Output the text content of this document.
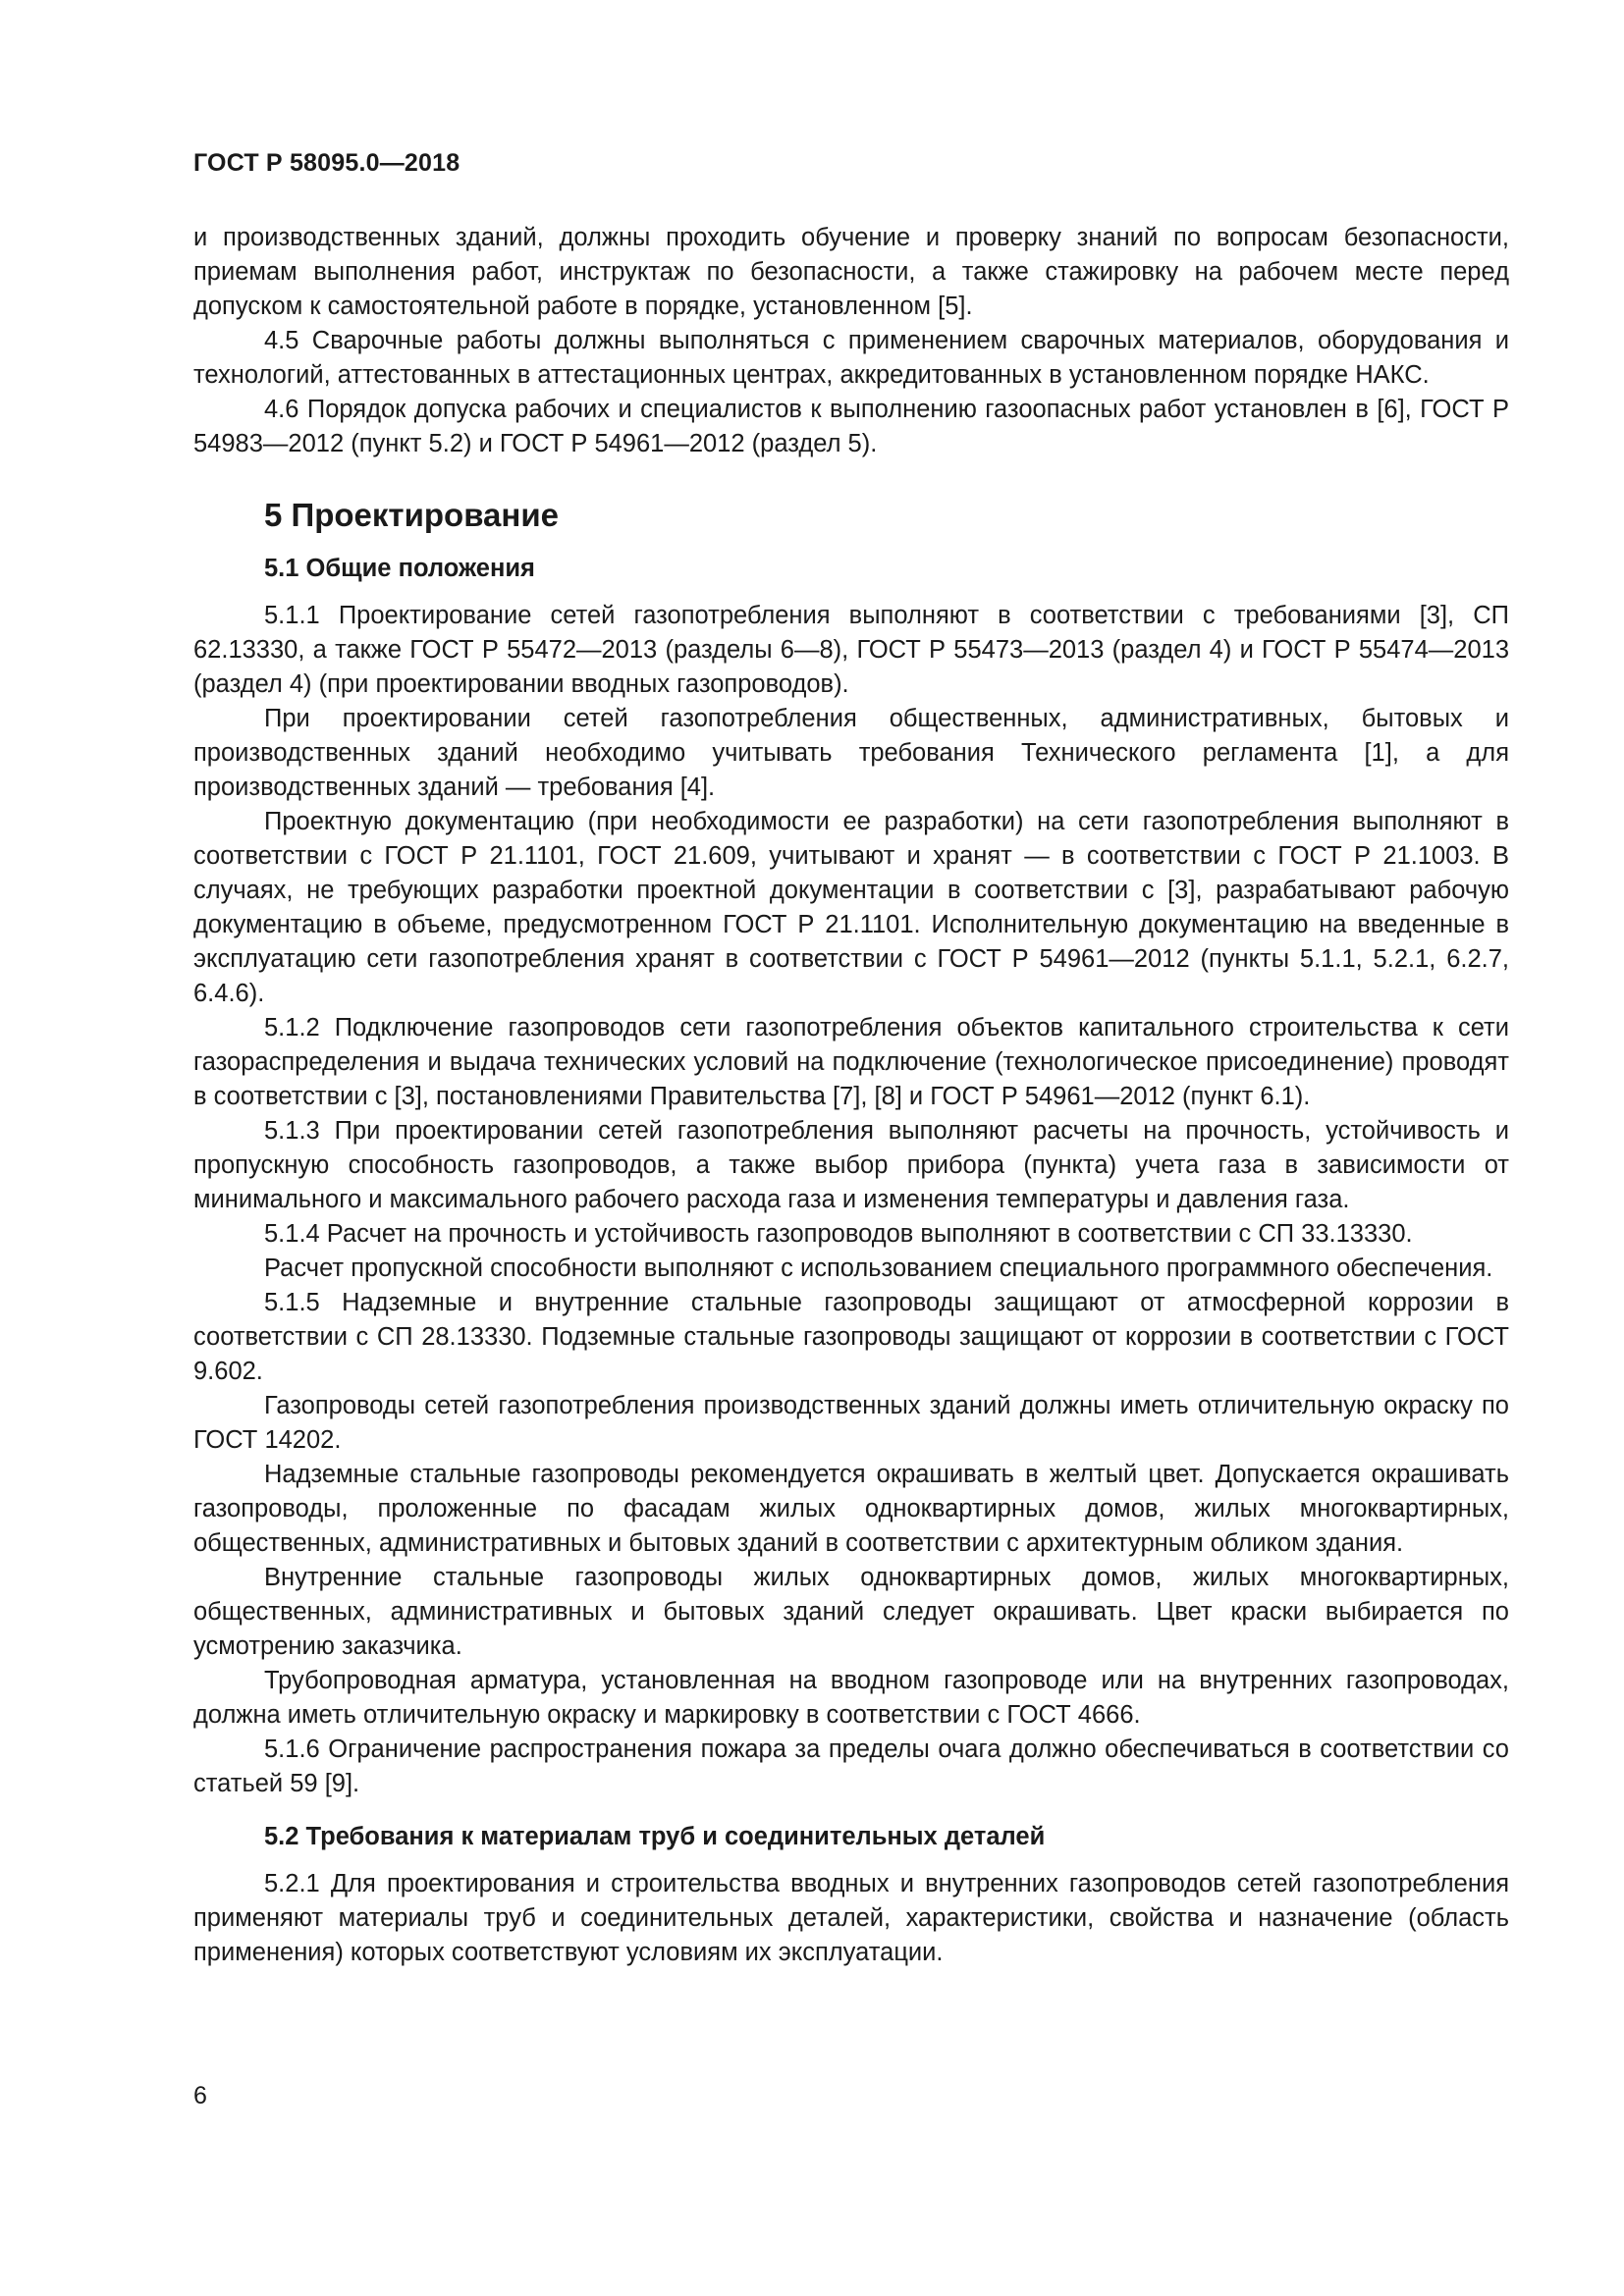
ГОСТ Р 58095.0—2018

и производственных зданий, должны проходить обучение и проверку знаний по вопросам безопасности, приемам выполнения работ, инструктаж по безопасности, а также стажировку на рабочем месте перед допуском к самостоятельной работе в порядке, установленном [5].

4.5 Сварочные работы должны выполняться с применением сварочных материалов, оборудования и технологий, аттестованных в аттестационных центрах, аккредитованных в установленном порядке НАКС.

4.6 Порядок допуска рабочих и специалистов к выполнению газоопасных работ установлен в [6], ГОСТ Р 54983—2012 (пункт 5.2) и ГОСТ Р 54961—2012 (раздел 5).

5 Проектирование
5.1 Общие положения

5.1.1 Проектирование сетей газопотребления выполняют в соответствии с требованиями [3], СП 62.13330, а также ГОСТ Р 55472—2013 (разделы 6—8), ГОСТ Р 55473—2013 (раздел 4) и ГОСТ Р 55474—2013 (раздел 4) (при проектировании вводных газопроводов).

При проектировании сетей газопотребления общественных, административных, бытовых и производственных зданий необходимо учитывать требования Технического регламента [1], а для производственных зданий — требования [4].

Проектную документацию (при необходимости ее разработки) на сети газопотребления выполняют в соответствии с ГОСТ Р 21.1101, ГОСТ 21.609, учитывают и хранят — в соответствии с ГОСТ Р 21.1003. В случаях, не требующих разработки проектной документации в соответствии с [3], разрабатывают рабочую документацию в объеме, предусмотренном ГОСТ Р 21.1101. Исполнительную документацию на введенные в эксплуатацию сети газопотребления хранят в соответствии с ГОСТ Р 54961—2012 (пункты 5.1.1, 5.2.1, 6.2.7, 6.4.6).

5.1.2 Подключение газопроводов сети газопотребления объектов капитального строительства к сети газораспределения и выдача технических условий на подключение (технологическое присоединение) проводят в соответствии с [3], постановлениями Правительства [7], [8] и ГОСТ Р 54961—2012 (пункт 6.1).

5.1.3 При проектировании сетей газопотребления выполняют расчеты на прочность, устойчивость и пропускную способность газопроводов, а также выбор прибора (пункта) учета газа в зависимости от минимального и максимального рабочего расхода газа и изменения температуры и давления газа.

5.1.4 Расчет на прочность и устойчивость газопроводов выполняют в соответствии с СП 33.13330.

Расчет пропускной способности выполняют с использованием специального программного обеспечения.

5.1.5 Надземные и внутренние стальные газопроводы защищают от атмосферной коррозии в соответствии с СП 28.13330. Подземные стальные газопроводы защищают от коррозии в соответствии с ГОСТ 9.602.

Газопроводы сетей газопотребления производственных зданий должны иметь отличительную окраску по ГОСТ 14202.

Надземные стальные газопроводы рекомендуется окрашивать в желтый цвет. Допускается окрашивать газопроводы, проложенные по фасадам жилых одноквартирных домов, жилых многоквартирных, общественных, административных и бытовых зданий в соответствии с архитектурным обликом здания.

Внутренние стальные газопроводы жилых одноквартирных домов, жилых многоквартирных, общественных, административных и бытовых зданий следует окрашивать. Цвет краски выбирается по усмотрению заказчика.

Трубопроводная арматура, установленная на вводном газопроводе или на внутренних газопроводах, должна иметь отличительную окраску и маркировку в соответствии с ГОСТ 4666.

5.1.6 Ограничение распространения пожара за пределы очага должно обеспечиваться в соответствии со статьей 59 [9].

5.2 Требования к материалам труб и соединительных деталей

5.2.1 Для проектирования и строительства вводных и внутренних газопроводов сетей газопотребления применяют материалы труб и соединительных деталей, характеристики, свойства и назначение (область применения) которых соответствуют условиям их эксплуатации.

6
